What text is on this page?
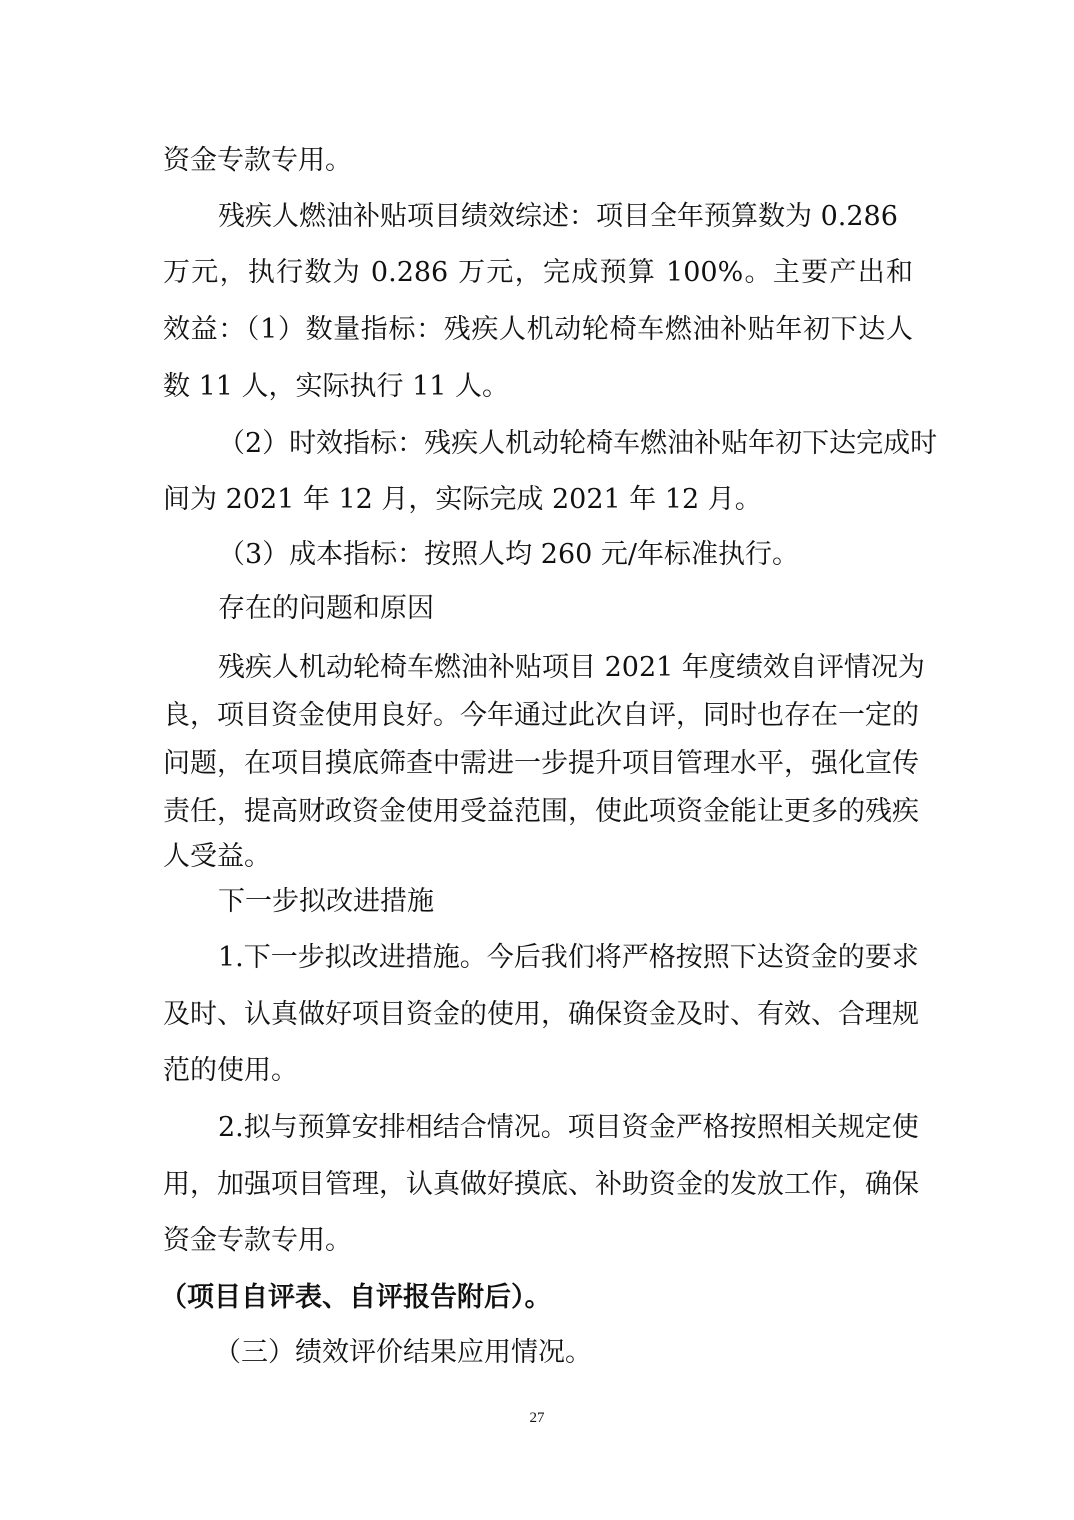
资金专款专用。
残疾人燃油补贴项目绩效综述：项目全年预算数为 0.286
万元，执行数为 0.286 万元，完成预算 100%。主要产出和
效益：（1）数量指标：残疾人机动轮椅车燃油补贴年初下达人
数 11 人，实际执行 11 人。
（2）时效指标：残疾人机动轮椅车燃油补贴年初下达完成时
间为 2021 年 12 月，实际完成 2021 年 12 月。
（3）成本指标：按照人均 260 元/年标准执行。
存在的问题和原因
残疾人机动轮椅车燃油补贴项目 2021 年度绩效自评情况为
良，项目资金使用良好。今年通过此次自评，同时也存在一定的
问题，在项目摸底筛查中需进一步提升项目管理水平，强化宣传
责任，提高财政资金使用受益范围，使此项资金能让更多的残疾
人受益。
下一步拟改进措施
1.下一步拟改进措施。今后我们将严格按照下达资金的要求
及时、认真做好项目资金的使用，确保资金及时、有效、合理规
范的使用。
2.拟与预算安排相结合情况。项目资金严格按照相关规定使
用，加强项目管理，认真做好摸底、补助资金的发放工作，确保
资金专款专用。
（项目自评表、自评报告附后）。
（三）绩效评价结果应用情况。
27
